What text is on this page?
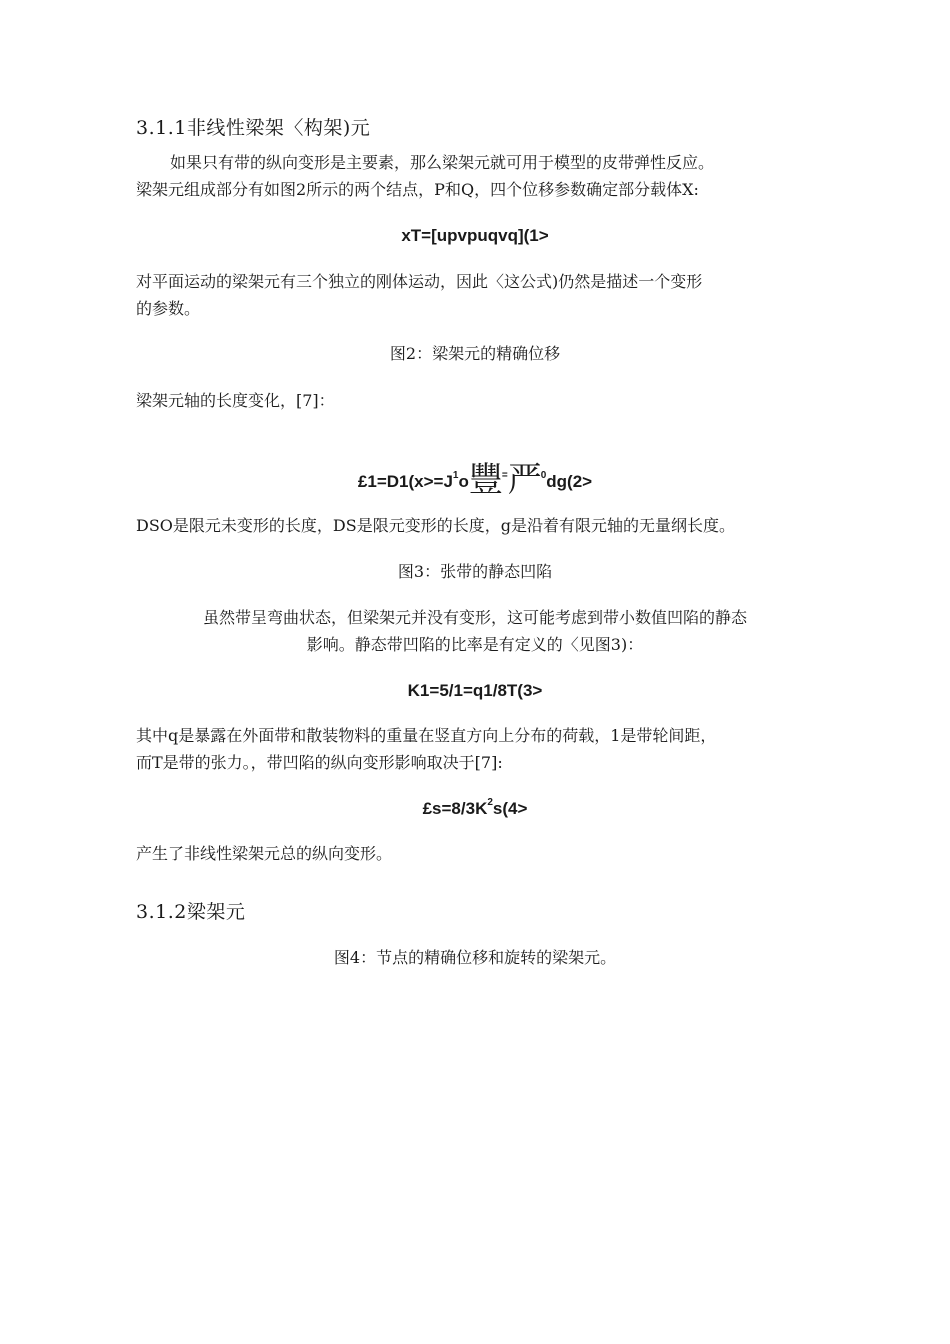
3.1.1非线性梁架〈构架)元
如果只有带的纵向变形是主要素，那么梁架元就可用于模型的皮带弹性反应。
梁架元组成部分有如图2所示的两个结点，P和Q，四个位移参数确定部分载体X:
xT=[upvpuqvq](1>
对平面运动的梁架元有三个独立的刚体运动，因此〈这公式)仍然是描述一个变形
的参数。
图2：梁架元的精确位移
梁架元轴的长度变化，[7]：
$£1=D1(x>=J^1o$豐=严$^0$dg(2>
DSO是限元未变形的长度，DS是限元变形的长度，g是沿着有限元轴的无量纲长度。
图3：张带的静态凹陷
虽然带呈弯曲状态，但梁架元并没有变形，这可能考虑到带小数值凹陷的静态
影响。静态带凹陷的比率是有定义的〈见图3)：
K1=5/1=q1/8T(3>
其中q是暴露在外面带和散装物料的重量在竖直方向上分布的荷载，1是带轮间距，
而T是带的张力。，带凹陷的纵向变形影响取决于[7]:
$£s=8/3K^2s(4>$
产生了非线性梁架元总的纵向变形。
3.1.2梁架元
图4：节点的精确位移和旋转的梁架元。
